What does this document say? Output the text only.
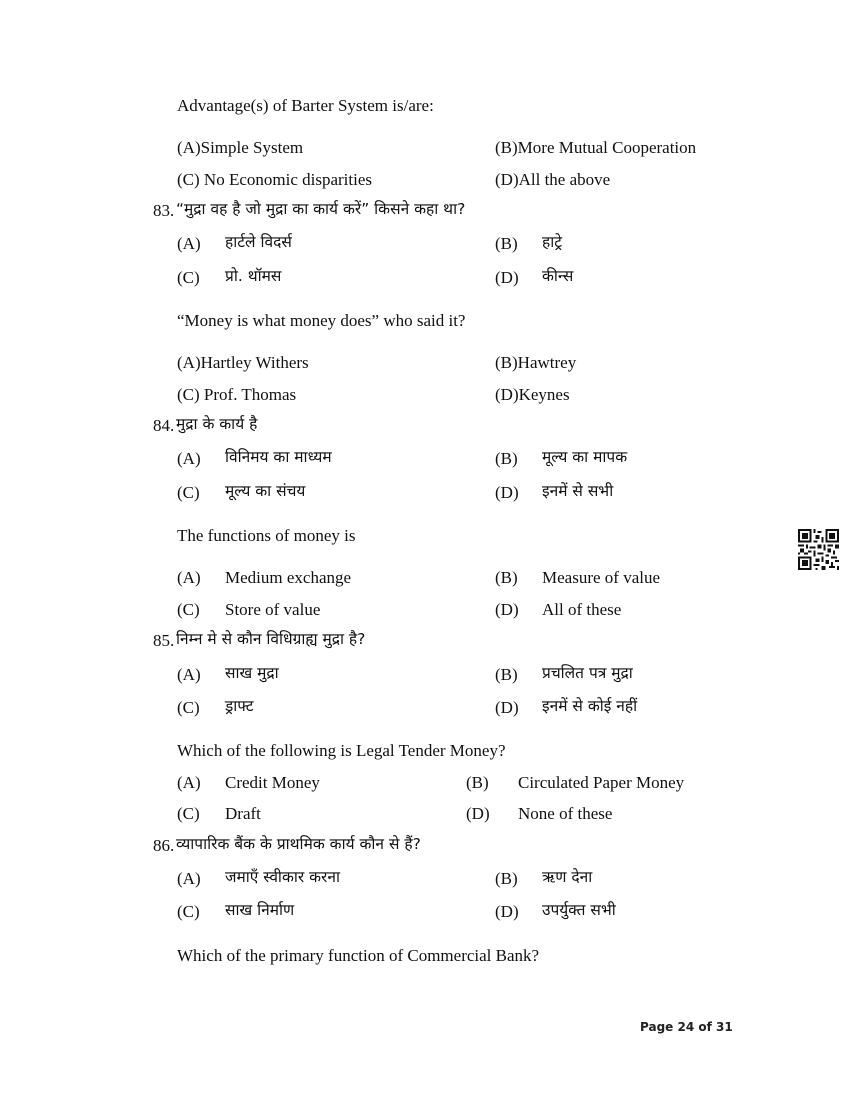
Advantage(s) of Barter System is/are:
(A)Simple System	(B)More Mutual Cooperation
(C) No Economic disparities	(D)All the above
83. “मुद्रा वह है जो मुद्रा का कार्य करें” किसने कहा था?
(A) हार्टले विदर्स	(B) हाट्रे
(C) प्रो. थॉमस	(D) कीन्स
“Money is what money does” who said it?
(A)Hartley Withers	(B)Hawtrey
(C) Prof. Thomas	(D)Keynes
84. मुद्रा के कार्य है
(A) विनिमय का माध्यम	(B) मूल्य का मापक
(C) मूल्य का संचय	(D) इनमें से सभी
The functions of money is
(A) Medium exchange	(B) Measure of value
(C) Store of value	(D) All of these
85. निम्न मे से कौन विधिग्राह्य मुद्रा है?
(A) साख मुद्रा	(B) प्रचलित पत्र मुद्रा
(C) ड्राफ्ट	(D) इनमें से कोई नहीं
Which of the following is Legal Tender Money?
(A) Credit Money	(B) Circulated Paper Money
(C) Draft	(D) None of these
86. व्यापारिक बैंक के प्राथमिक कार्य कौन से हैं?
(A) जमाएँ स्वीकार करना	(B) ऋण देना
(C) साख निर्माण	(D) उपर्युक्त सभी
Which of the primary function of Commercial Bank?
Page 24 of 31
